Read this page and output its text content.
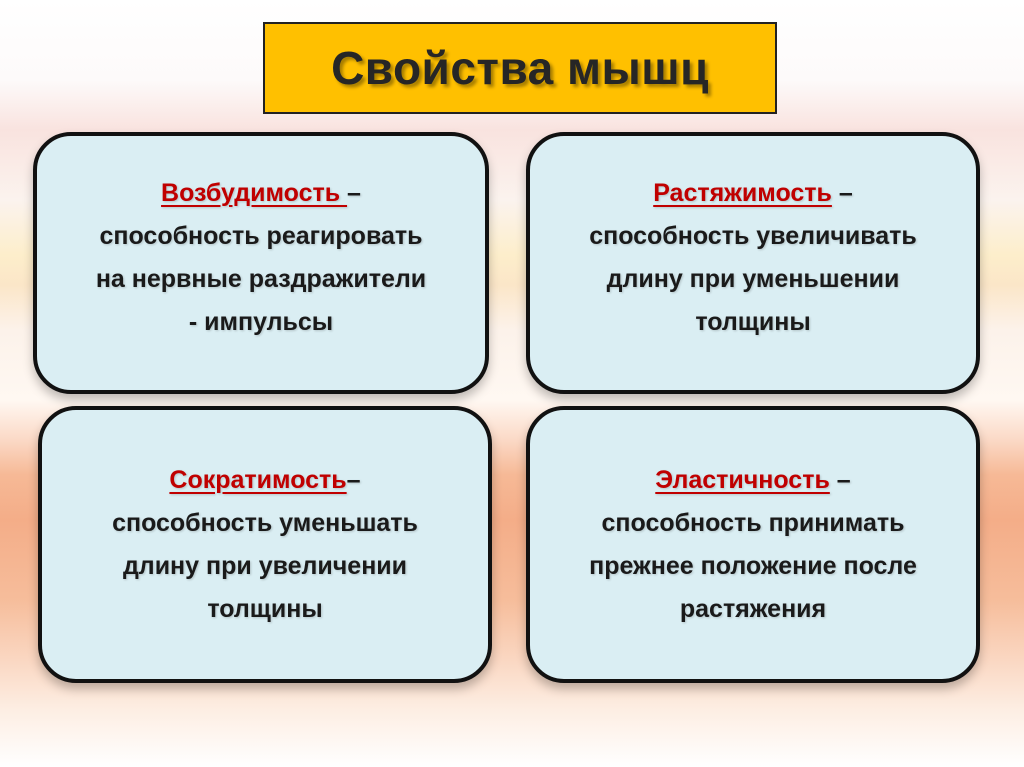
Свойства мышц
Возбудимость –
способность реагировать
на нервные раздражители
- импульсы
Растяжимость –
способность увеличивать
длину при уменьшении
толщины
Сократимость–
способность уменьшать
длину при увеличении
толщины
Эластичность –
способность принимать
прежнее положение после
растяжения
